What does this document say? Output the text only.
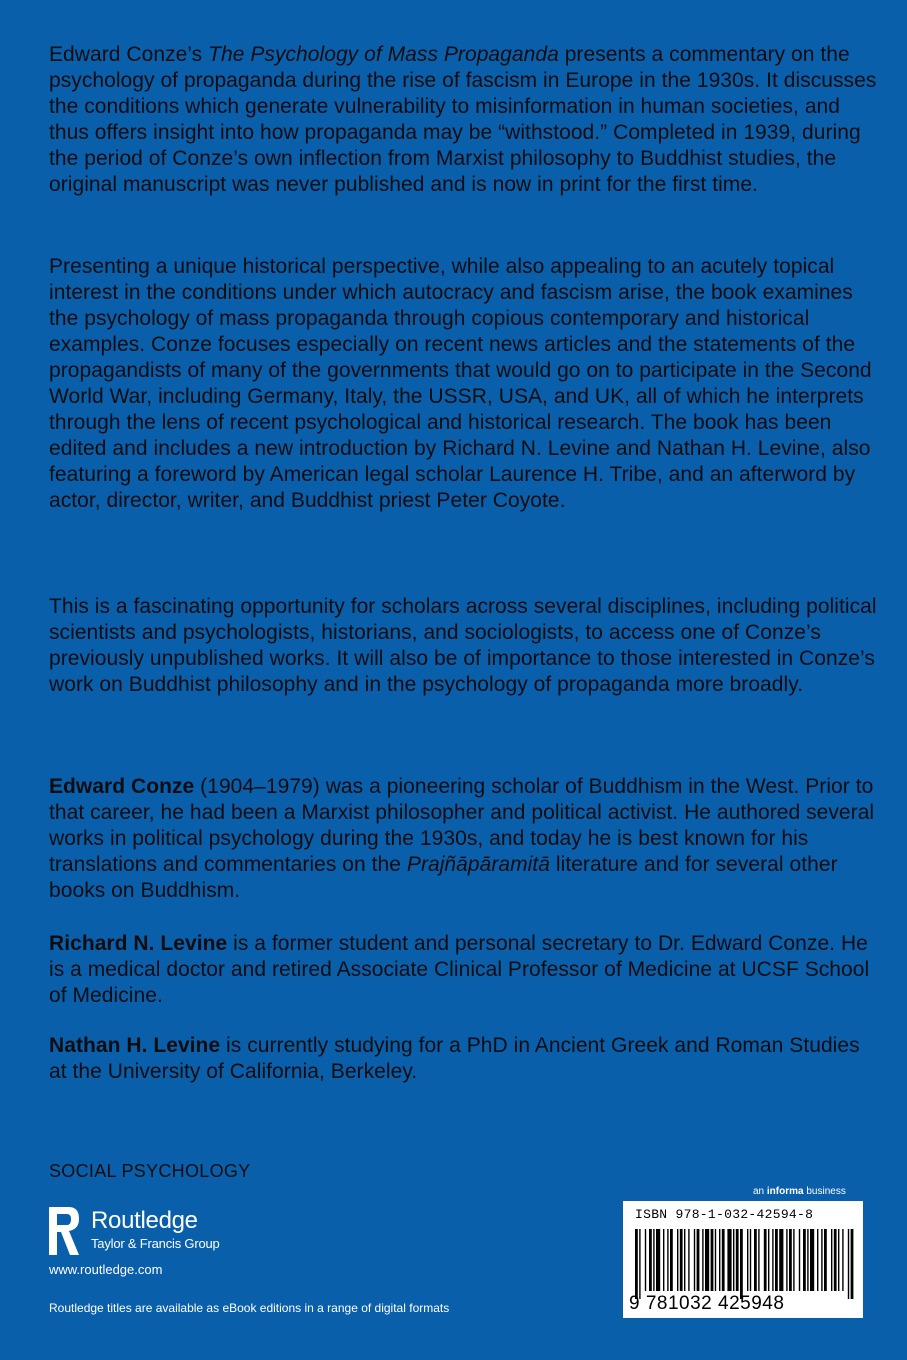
Edward Conze’s The Psychology of Mass Propaganda presents a commentary on the psychology of propaganda during the rise of fascism in Europe in the 1930s. It discusses the conditions which generate vulnerability to misinformation in human societies, and thus offers insight into how propaganda may be “withstood.” Completed in 1939, during the period of Conze’s own inflection from Marxist philosophy to Buddhist studies, the original manuscript was never published and is now in print for the first time.

Presenting a unique historical perspective, while also appealing to an acutely topical interest in the conditions under which autocracy and fascism arise, the book examines the psychology of mass propaganda through copious contemporary and historical examples. Conze focuses especially on recent news articles and the statements of the propagandists of many of the governments that would go on to participate in the Second World War, including Germany, Italy, the USSR, USA, and UK, all of which he interprets through the lens of recent psychological and historical research. The book has been edited and includes a new introduction by Richard N. Levine and Nathan H. Levine, also featuring a foreword by American legal scholar Laurence H. Tribe, and an afterword by actor, director, writer, and Buddhist priest Peter Coyote.

This is a fascinating opportunity for scholars across several disciplines, including political scientists and psychologists, historians, and sociologists, to access one of Conze’s previously unpublished works. It will also be of importance to those interested in Conze’s work on Buddhist philosophy and in the psychology of propaganda more broadly.

Edward Conze (1904–1979) was a pioneering scholar of Buddhism in the West. Prior to that career, he had been a Marxist philosopher and political activist. He authored several works in political psychology during the 1930s, and today he is best known for his translations and commentaries on the Prajñāpāramitā literature and for several other books on Buddhism.

Richard N. Levine is a former student and personal secretary to Dr. Edward Conze. He is a medical doctor and retired Associate Clinical Professor of Medicine at UCSF School of Medicine.

Nathan H. Levine is currently studying for a PhD in Ancient Greek and Roman Studies at the University of California, Berkeley.

SOCIAL PSYCHOLOGY
ROUTLEDGE
Routledge
Taylor & Francis Group
www.routledge.com
Routledge titles are available as eBook editions in a range of digital formats
an informa business
ISBN 978-1-032-42594-8
9 781032 425948
